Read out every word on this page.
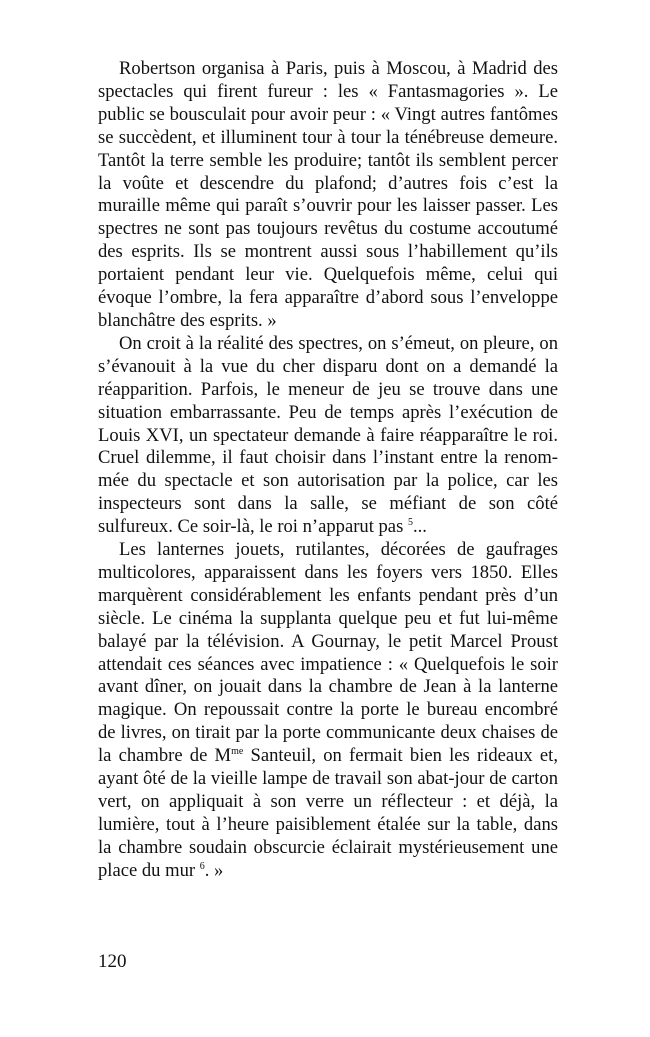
Robertson organisa à Paris, puis à Moscou, à Madrid des spectacles qui firent fureur : les « Fantasmagories ». Le public se bousculait pour avoir peur : « Vingt autres fantômes se succèdent, et illuminent tour à tour la ténébreuse demeure. Tantôt la terre semble les produire; tantôt ils semblent percer la voûte et descendre du plafond; d’autres fois c’est la muraille même qui paraît s’ouvrir pour les laisser passer. Les spectres ne sont pas toujours revêtus du costume accoutumé des esprits. Ils se montrent aussi sous l’habillement qu’ils portaient pendant leur vie. Quelquefois même, celui qui évoque l’ombre, la fera apparaître d’abord sous l’enveloppe blanchâtre des esprits. »

On croit à la réalité des spectres, on s’émeut, on pleure, on s’évanouit à la vue du cher disparu dont on a demandé la réapparition. Parfois, le meneur de jeu se trouve dans une situation embarrassante. Peu de temps après l’exécution de Louis XVI, un spectateur demande à faire réapparaître le roi. Cruel dilemme, il faut choisir dans l’instant entre la renommée du spectacle et son autorisation par la police, car les inspecteurs sont dans la salle, se méfiant de son côté sulfureux. Ce soir-là, le roi n’apparut pas $^5$...

Les lanternes jouets, rutilantes, décorées de gaufrages multicolores, apparaissent dans les foyers vers 1850. Elles marquèrent considérablement les enfants pendant près d’un siècle. Le cinéma la supplanta quelque peu et fut lui-même balayé par la télévision. A Gournay, le petit Marcel Proust attendait ces séances avec impatience : « Quelquefois le soir avant dîner, on jouait dans la chambre de Jean à la lanterne magique. On repoussait contre la porte le bureau encombré de livres, on tirait par la porte communicante deux chaises de la chambre de $M^{me}$ Santeuil, on fermait bien les rideaux et, ayant ôté de la vieille lampe de travail son abat-jour de carton vert, on appliquait à son verre un réflecteur : et déjà, la lumière, tout à l’heure paisiblement étalée sur la table, dans la chambre soudain obscurcie éclairait mystérieusement une place du mur $^6$. »

120
